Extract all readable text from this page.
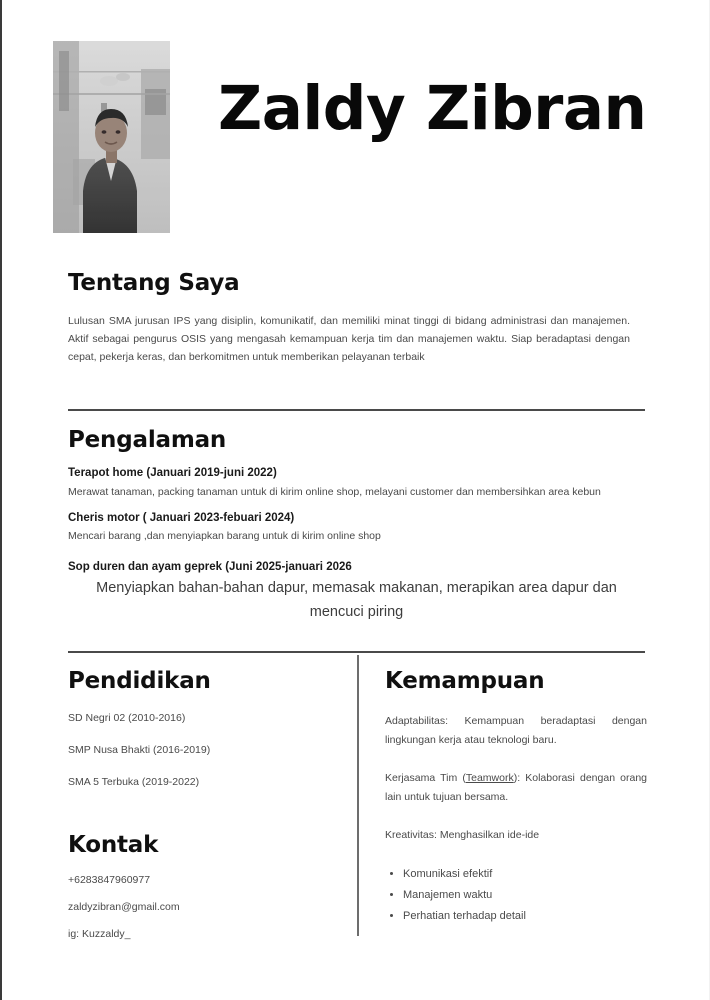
Zaldy Zibran
Tentang Saya
Lulusan SMA jurusan IPS yang disiplin, komunikatif, dan memiliki minat tinggi di bidang administrasi dan manajemen. Aktif sebagai pengurus OSIS yang mengasah kemampuan kerja tim dan manajemen waktu. Siap beradaptasi dengan cepat, pekerja keras, dan berkomitmen untuk memberikan pelayanan terbaik
Pengalaman
Terapot home (Januari 2019-juni 2022)
Merawat tanaman, packing tanaman untuk di kirim online shop, melayani customer dan membersihkan area kebun
Cheris motor ( Januari 2023-febuari 2024)
Mencari barang ,dan menyiapkan barang untuk di kirim online shop
Sop duren dan ayam geprek (Juni 2025-januari 2026
Menyiapkan bahan-bahan dapur, memasak makanan, merapikan area dapur dan mencuci piring
Pendidikan
SD Negri 02 (2010-2016)
SMP Nusa Bhakti (2016-2019)
SMA 5 Terbuka (2019-2022)
Kontak
+6283847960977
zaldyzibran@gmail.com
ig: Kuzzaldy_
Kemampuan
Adaptabilitas: Kemampuan beradaptasi dengan lingkungan kerja atau teknologi baru.
Kerjasama Tim (Teamwork): Kolaborasi dengan orang lain untuk tujuan bersama.
Kreativitas: Menghasilkan ide-ide
• Komunikasi efektif
• Manajemen waktu
• Perhatian terhadap detail
